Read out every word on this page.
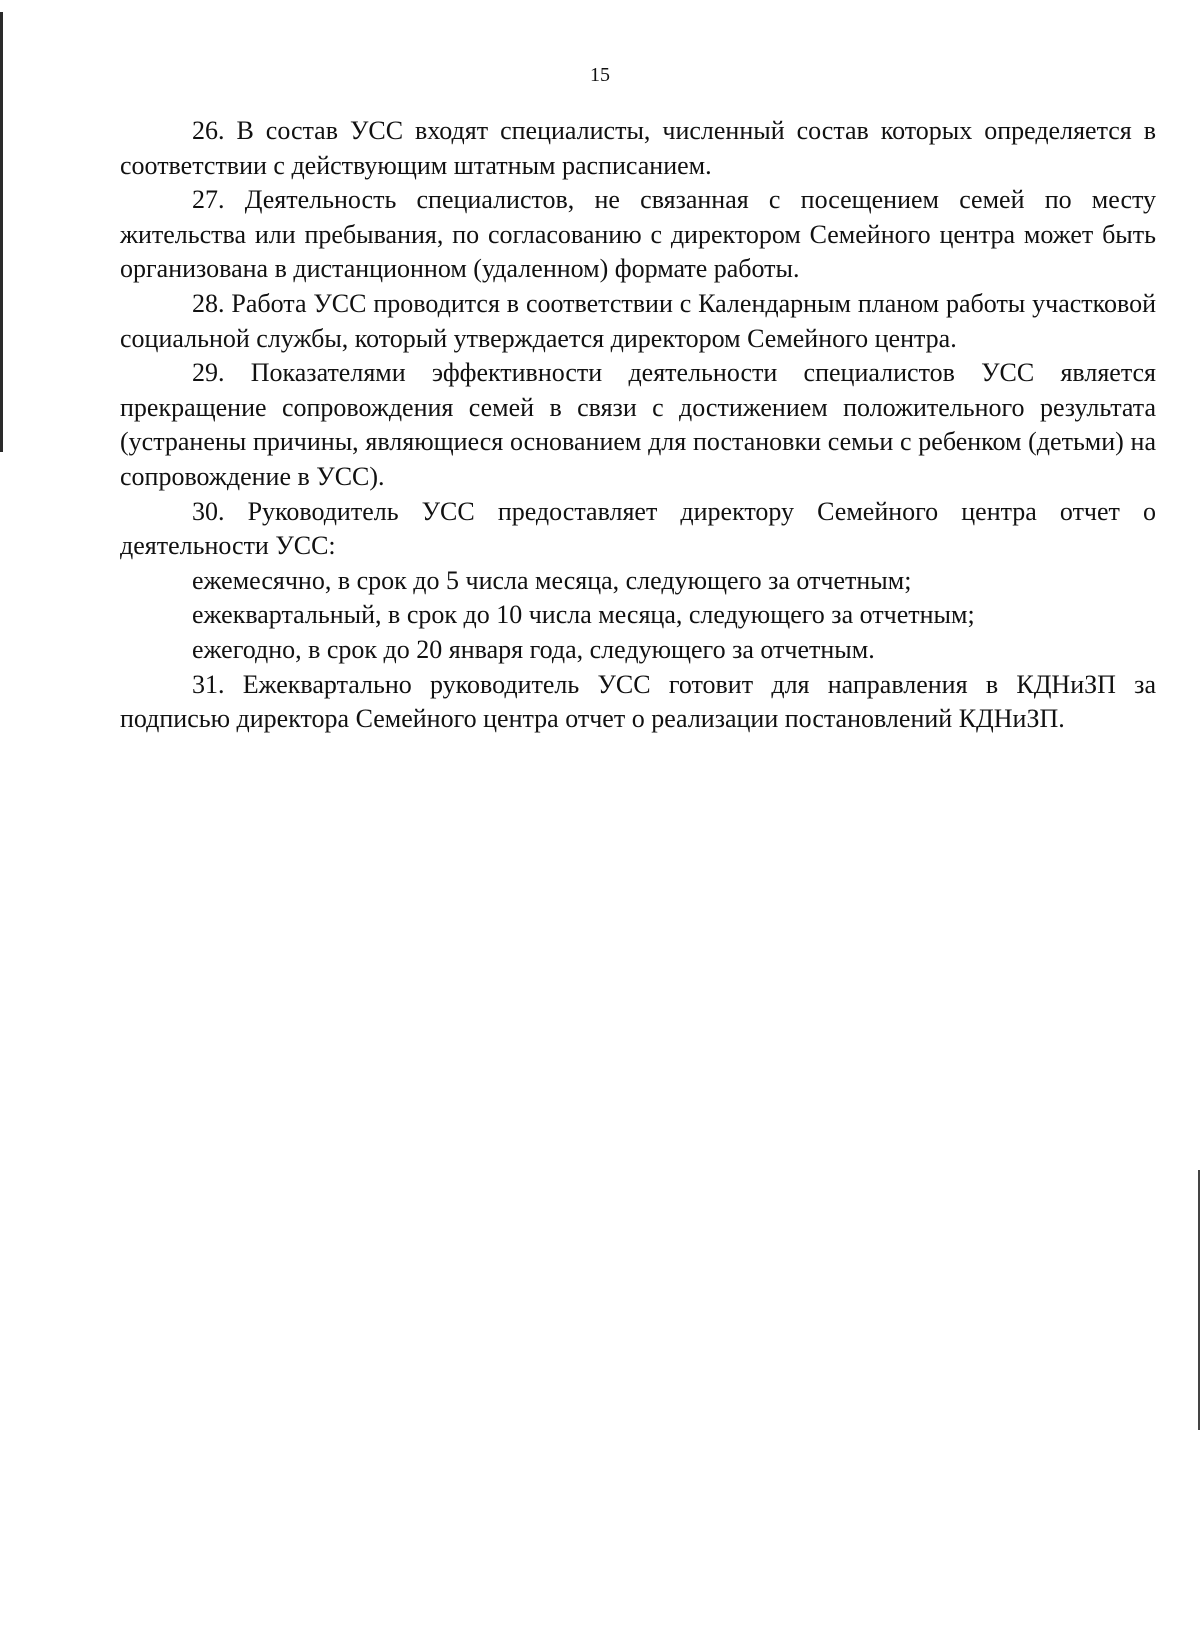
15

26. В состав УСС входят специалисты, численный состав которых определяется в соответствии с действующим штатным расписанием.

27. Деятельность специалистов, не связанная с посещением семей по месту жительства или пребывания, по согласованию с директором Семейного центра может быть организована в дистанционном (удаленном) формате работы.

28. Работа УСС проводится в соответствии с Календарным планом работы участковой социальной службы, который утверждается директором Семейного центра.

29. Показателями эффективности деятельности специалистов УСС является прекращение сопровождения семей в связи с достижением положительного результата (устранены причины, являющиеся основанием для постановки семьи с ребенком (детьми) на сопровождение в УСС).

30. Руководитель УСС предоставляет директору Семейного центра отчет о деятельности УСС:

ежемесячно, в срок до 5 числа месяца, следующего за отчетным;

ежеквартальный, в срок до 10 числа месяца, следующего за отчетным;

ежегодно, в срок до 20 января года, следующего за отчетным.

31. Ежеквартально руководитель УСС готовит для направления в КДНиЗП за подписью директора Семейного центра отчет о реализации постановлений КДНиЗП.
